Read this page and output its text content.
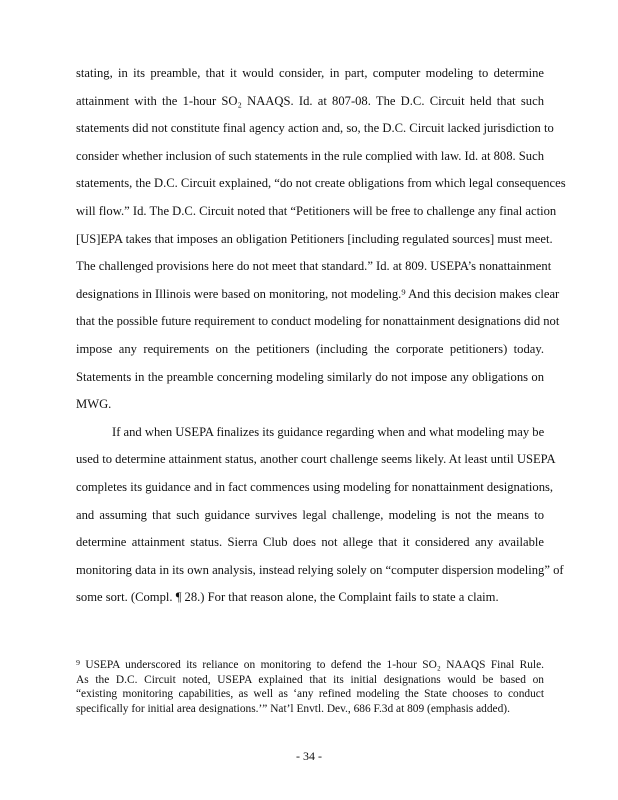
stating, in its preamble, that it would consider, in part, computer modeling to determine
attainment with the 1-hour SO₂ NAAQS. Id. at 807-08. The D.C. Circuit held that such
statements did not constitute final agency action and, so, the D.C. Circuit lacked jurisdiction to
consider whether inclusion of such statements in the rule complied with law. Id. at 808. Such
statements, the D.C. Circuit explained, “do not create obligations from which legal consequences
will flow.” Id. The D.C. Circuit noted that “Petitioners will be free to challenge any final action
[US]EPA takes that imposes an obligation Petitioners [including regulated sources] must meet.
The challenged provisions here do not meet that standard.” Id. at 809. USEPA’s nonattainment
designations in Illinois were based on monitoring, not modeling.⁹ And this decision makes clear
that the possible future requirement to conduct modeling for nonattainment designations did not
impose any requirements on the petitioners (including the corporate petitioners) today.
Statements in the preamble concerning modeling similarly do not impose any obligations on
MWG.
If and when USEPA finalizes its guidance regarding when and what modeling may be
used to determine attainment status, another court challenge seems likely. At least until USEPA
completes its guidance and in fact commences using modeling for nonattainment designations,
and assuming that such guidance survives legal challenge, modeling is not the means to
determine attainment status. Sierra Club does not allege that it considered any available
monitoring data in its own analysis, instead relying solely on “computer dispersion modeling” of
some sort. (Compl. ¶ 28.) For that reason alone, the Complaint fails to state a claim.
⁹ USEPA underscored its reliance on monitoring to defend the 1-hour SO₂ NAAQS Final Rule.
As the D.C. Circuit noted, USEPA explained that its initial designations would be based on
“existing monitoring capabilities, as well as ‘any refined modeling the State chooses to conduct
specifically for initial area designations.’” Nat’l Envtl. Dev., 686 F.3d at 809 (emphasis added).
- 34 -
